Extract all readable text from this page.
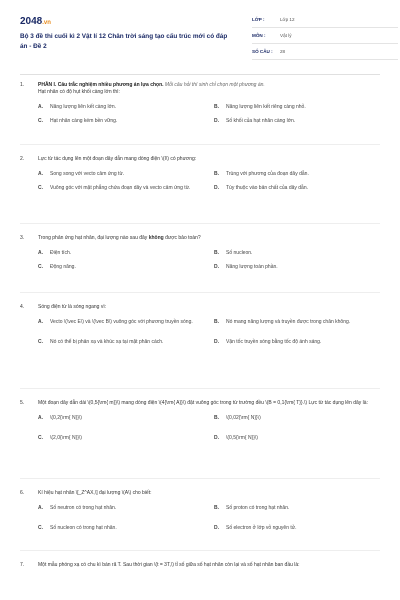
2048.vn
Bộ 3 đề thi cuối kì 2 Vật lí 12 Chân trời sáng tạo cấu trúc mới có đáp án - Đề 2
LỚP :	Lớp 12
MÔN :	Vật lý
SỐ CÂU :	28
1.	PHẦN I. Câu trắc nghiệm nhiều phương án lựa chọn. Mỗi câu hỏi thí sinh chỉ chọn một phương án.
Hạt nhân có độ hụt khối càng lớn thì:
A.	Năng lượng liên kết càng lớn.	B.	Năng lượng liên kết riêng càng nhỏ.
C.	Hạt nhân càng kém bền vững.	D.	Số khối của hạt nhân càng lớn.
2.	Lực từ tác dụng lên một đoạn dây dẫn mang dòng điện \(I\) có phương:
A.	Song song với vecto cảm ứng từ.	B.	Trùng với phương của đoạn dây dẫn.
C.	Vuông góc với mặt phẳng chứa đoạn dây và vecto cảm ứng từ.	D.	Tùy thuộc vào bản chất của dây dẫn.
3.	Trong phản ứng hạt nhân, đại lượng nào sau đây không được bảo toàn?
A.	Điện tích.	B.	Số nucleon.
C.	Động năng.	D.	Năng lượng toàn phần.
4.	Sóng điện từ là sóng ngang vì:
A.	Vecto \(\vec E\) và \(\vec B\) vuông góc với phương truyền sóng.	B.	Nó mang năng lượng và truyền được trong chân không.
C.	Nó có thể bị phản xạ và khúc xạ tại mặt phân cách.	D.	Vận tốc truyền sóng bằng tốc độ ánh sáng.
5.	Một đoạn dây dẫn dài \(0,5{\rm{ m}}\) mang dòng điện \(4{\rm{ A}}\) đặt vuông góc trong từ trường đều \(B = 0,1{\rm{ T}}.\) Lực từ tác dụng lên dây là:
A.	\(0,2{\rm{ N}}\)	B.	\(0,02{\rm{ N}}\)
C.	\(2,0{\rm{ N}}\)	D.	\(0,5{\rm{ N}}\)
6.	Kí hiệu hạt nhân \[_Z^AX,\] đại lượng \(A\) cho biết:
A.	Số neutron có trong hạt nhân.	B.	Số proton có trong hạt nhân.
C.	Số nucleon có trong hạt nhân.	D.	Số electron ở lớp vỏ nguyên tử.
7.	Một mẫu phóng xạ có chu kì bán rã T. Sau thời gian \(t = 3T,\) tỉ số giữa số hạt nhân còn lại và số hạt nhân ban đầu là:
